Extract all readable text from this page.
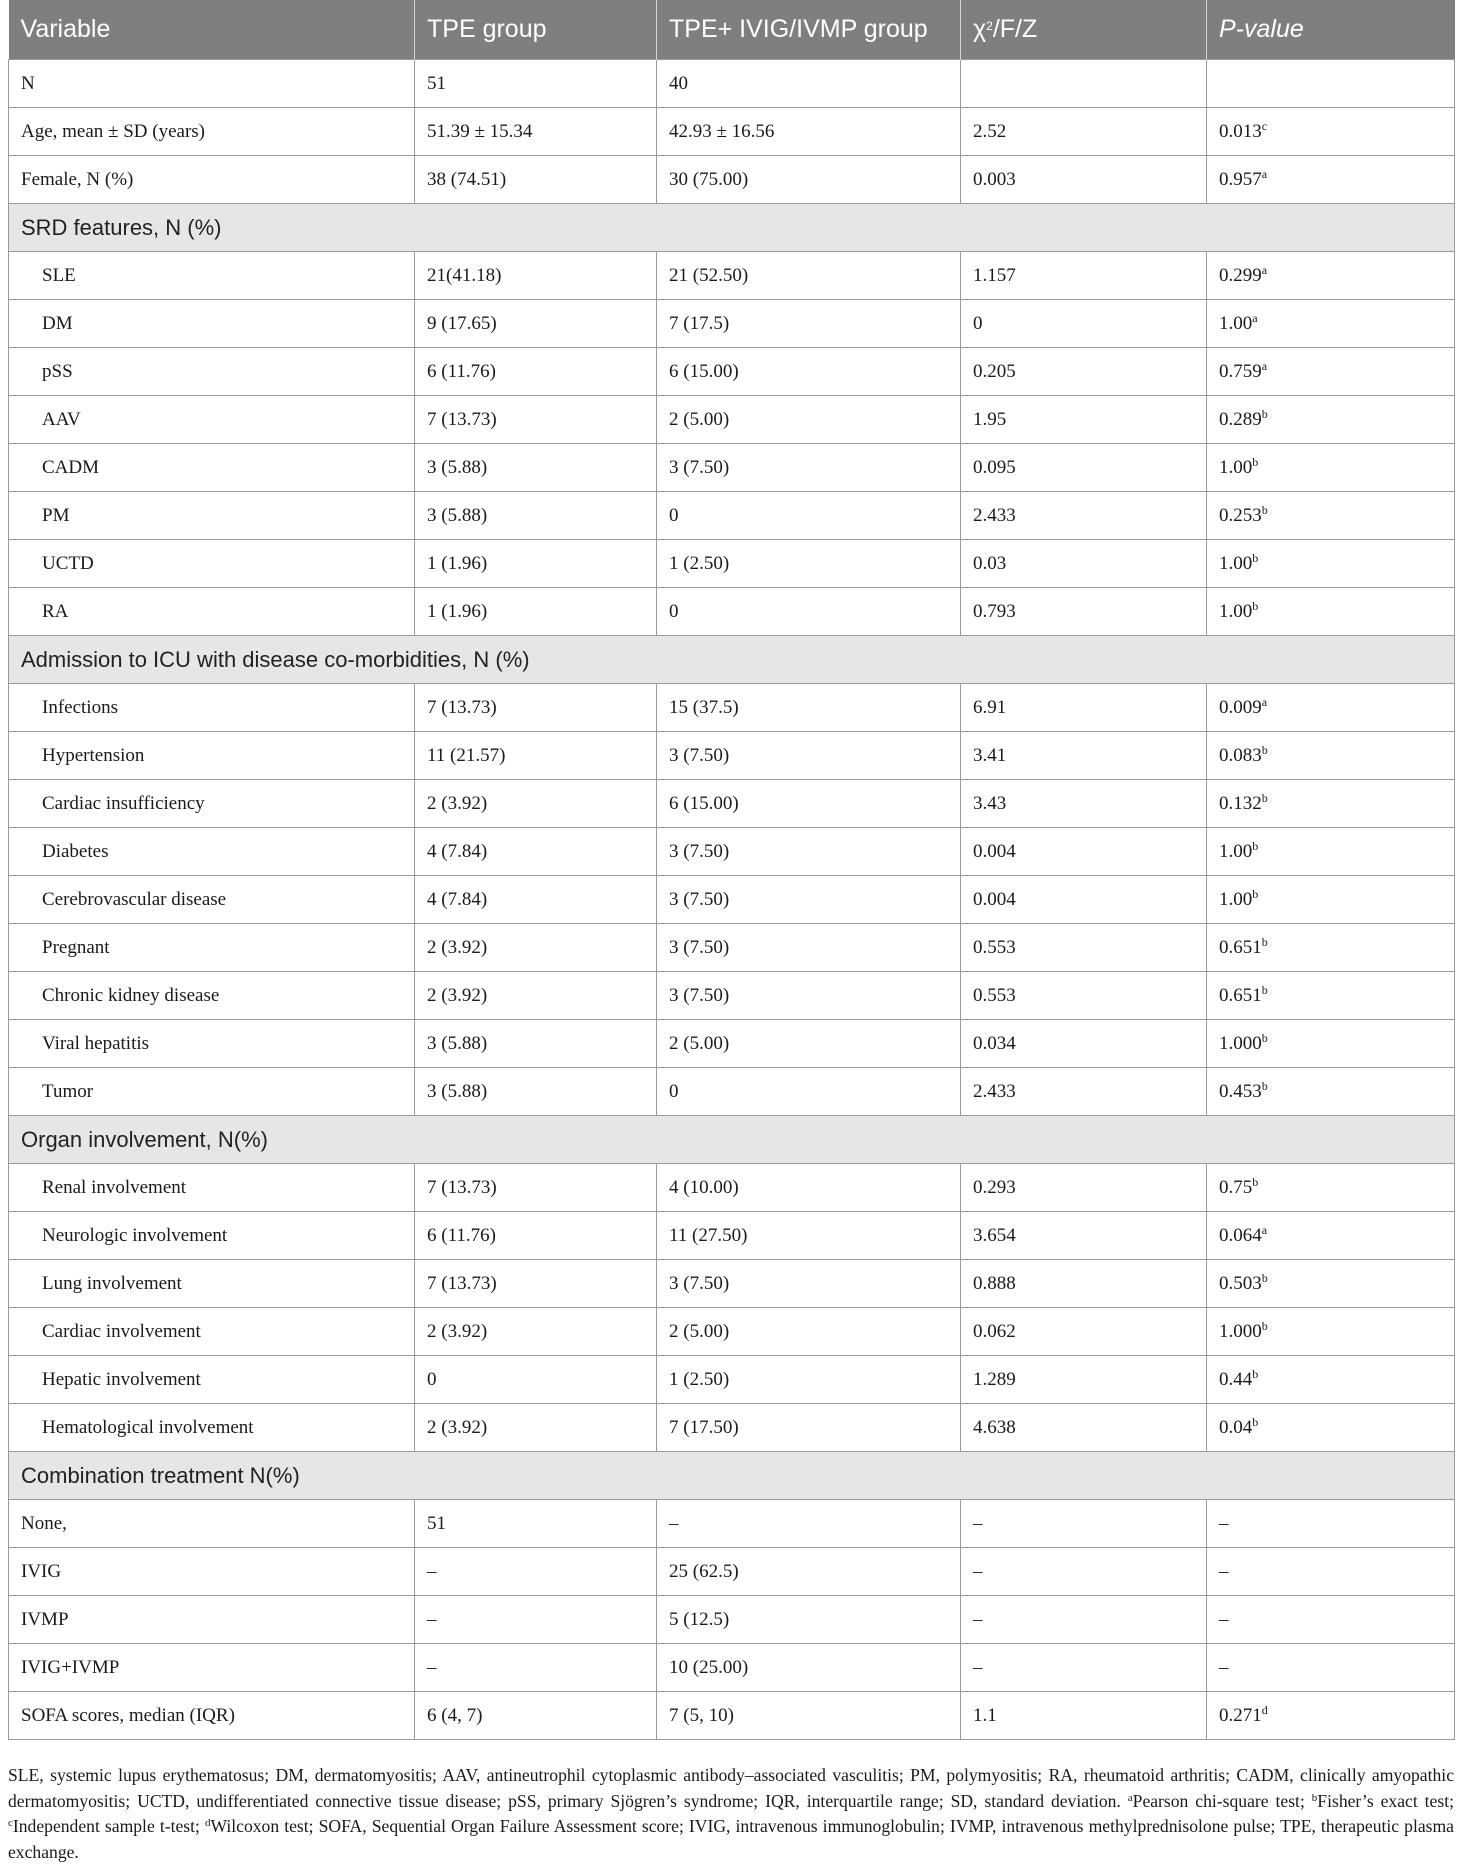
Variable	TPE group	TPE+ IVIG/IVMP group	$\chi^2/F/Z$	P-value
N	51	40		
Age, mean ± SD (years)	51.39 ± 15.34	42.93 ± 16.56	2.52	0.013$^c$
Female, N (%)	38 (74.51)	30 (75.00)	0.003	0.957$^a$
SRD features, N (%)				
SLE	21(41.18)	21 (52.50)	1.157	0.299$^a$
DM	9 (17.65)	7 (17.5)	0	1.00$^a$
pSS	6 (11.76)	6 (15.00)	0.205	0.759$^a$
AAV	7 (13.73)	2 (5.00)	1.95	0.289$^b$
CADM	3 (5.88)	3 (7.50)	0.095	1.00$^b$
PM	3 (5.88)	0	2.433	0.253$^b$
UCTD	1 (1.96)	1 (2.50)	0.03	1.00$^b$
RA	1 (1.96)	0	0.793	1.00$^b$
Admission to ICU with disease co-morbidities, N (%)				
Infections	7 (13.73)	15 (37.5)	6.91	0.009$^a$
Hypertension	11 (21.57)	3 (7.50)	3.41	0.083$^b$
Cardiac insufficiency	2 (3.92)	6 (15.00)	3.43	0.132$^b$
Diabetes	4 (7.84)	3 (7.50)	0.004	1.00$^b$
Cerebrovascular disease	4 (7.84)	3 (7.50)	0.004	1.00$^b$
Pregnant	2 (3.92)	3 (7.50)	0.553	0.651$^b$
Chronic kidney disease	2 (3.92)	3 (7.50)	0.553	0.651$^b$
Viral hepatitis	3 (5.88)	2 (5.00)	0.034	1.000$^b$
Tumor	3 (5.88)	0	2.433	0.453$^b$
Organ involvement, N(%)				
Renal involvement	7 (13.73)	4 (10.00)	0.293	0.75$^b$
Neurologic involvement	6 (11.76)	11 (27.50)	3.654	0.064$^a$
Lung involvement	7 (13.73)	3 (7.50)	0.888	0.503$^b$
Cardiac involvement	2 (3.92)	2 (5.00)	0.062	1.000$^b$
Hepatic involvement	0	1 (2.50)	1.289	0.44$^b$
Hematological involvement	2 (3.92)	7 (17.50)	4.638	0.04$^b$
Combination treatment N(%)				
None,	51	–	–	–
IVIG	–	25 (62.5)	–	–
IVMP	–	5 (12.5)	–	–
IVIG+IVMP	–	10 (25.00)	–	–
SOFA scores, median (IQR)	6 (4, 7)	7 (5, 10)	1.1	0.271$^d$
SLE, systemic lupus erythematosus; DM, dermatomyositis; AAV, antineutrophil cytoplasmic antibody–associated vasculitis; PM, polymyositis; RA, rheumatoid arthritis; CADM, clinically amyopathic dermatomyositis; UCTD, undifferentiated connective tissue disease; pSS, primary Sjögren’s syndrome; IQR, interquartile range; SD, standard deviation. $^a$Pearson chi-square test; $^b$Fisher’s exact test; $^c$Independent sample t-test; $^d$Wilcoxon test; SOFA, Sequential Organ Failure Assessment score; IVIG, intravenous immunoglobulin; IVMP, intravenous methylprednisolone pulse; TPE, therapeutic plasma exchange.
